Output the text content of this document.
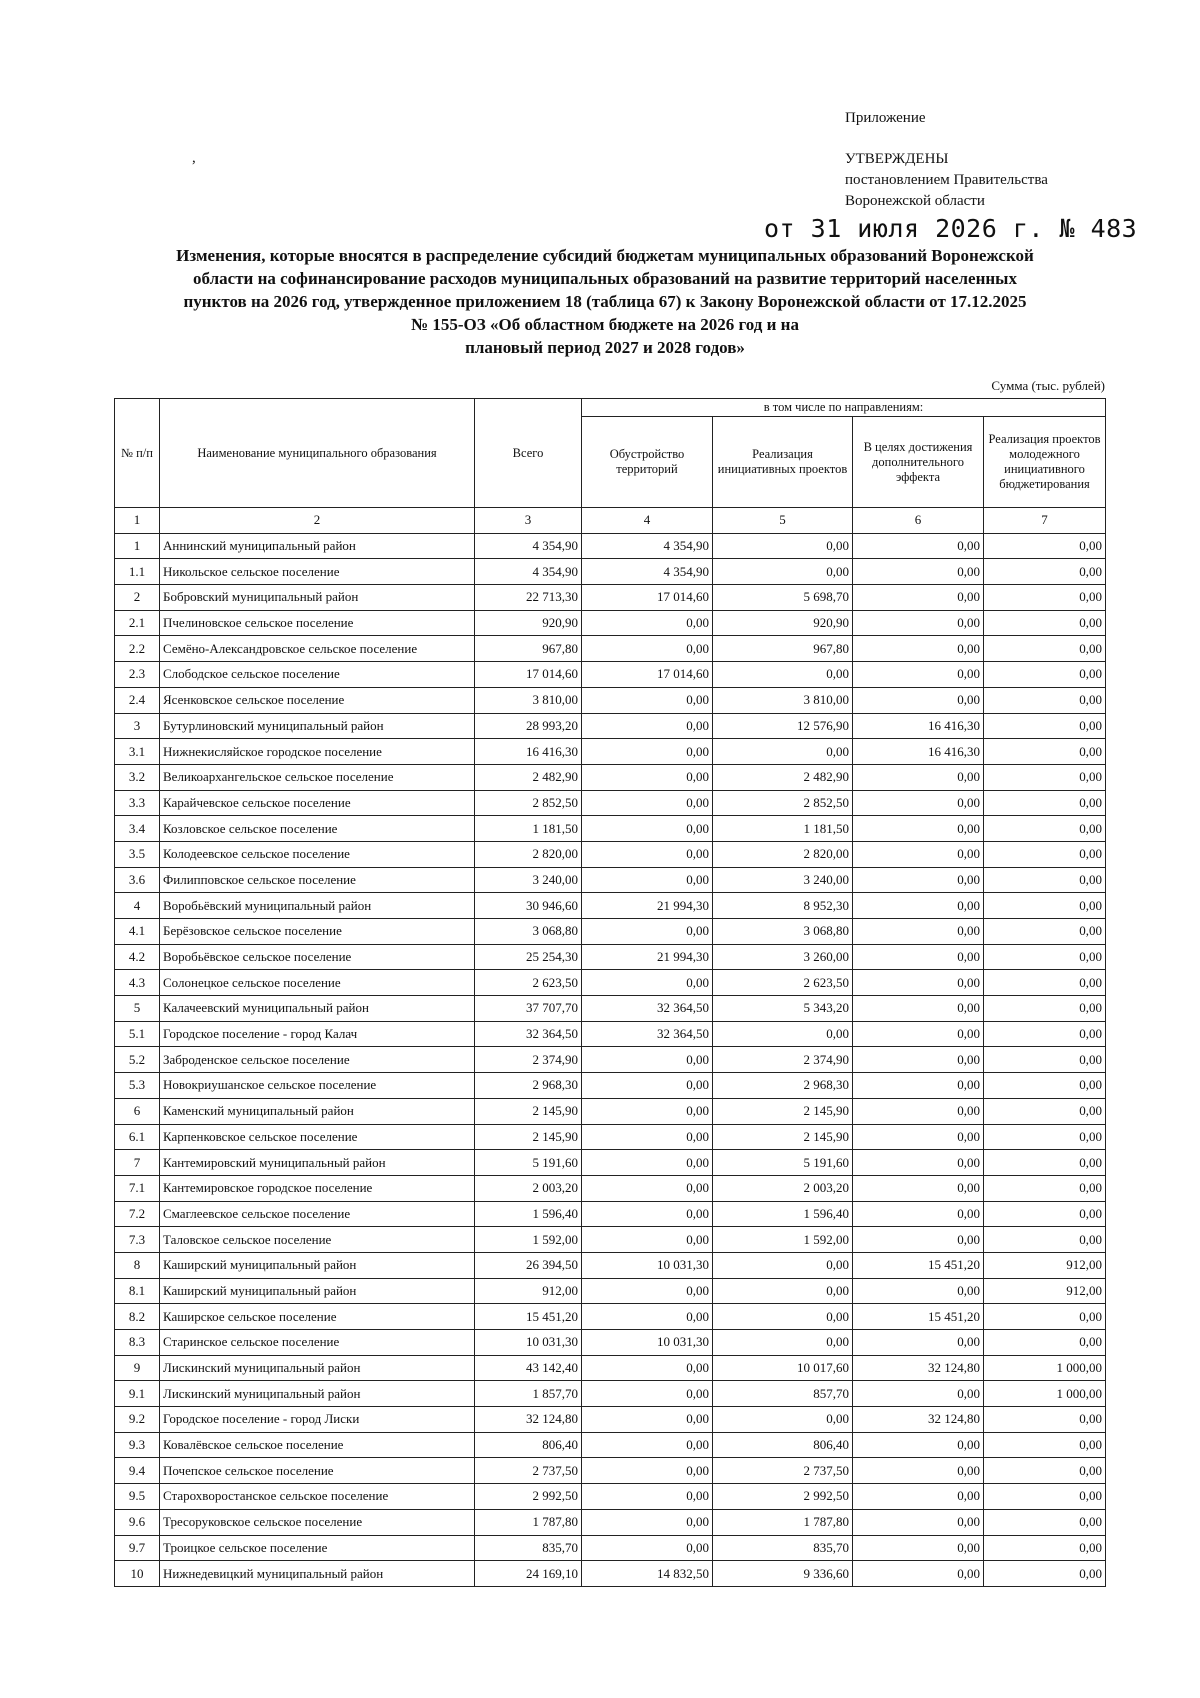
Приложение
УТВЕРЖДЕНЫ
постановлением Правительства
Воронежской области
,
от 31 июля 2026 г. № 483
Изменения, которые вносятся в распределение субсидий бюджетам муниципальных образований Воронежской
области на софинансирование расходов муниципальных образований на развитие территорий населенных
пунктов на 2026 год, утвержденное приложением 18 (таблица 67) к Закону Воронежской области от 17.12.2025
№ 155-ОЗ «Об областном бюджете на 2026 год и на
плановый период 2027 и 2028 годов»
Сумма (тыс. рублей)
№ п/п	Наименование муниципального образования	Всего	в том числе по направлениям:			
			Обустройство территорий	Реализация инициативных проектов	В целях достижения дополнительного эффекта	Реализация проектов молодежного инициативного бюджетирования
1	2	3	4	5	6	7
1	Аннинский муниципальный район	4 354,90	4 354,90	0,00	0,00	0,00
1.1	Никольское сельское поселение	4 354,90	4 354,90	0,00	0,00	0,00
2	Бобровский муниципальный район	22 713,30	17 014,60	5 698,70	0,00	0,00
2.1	Пчелиновское сельское поселение	920,90	0,00	920,90	0,00	0,00
2.2	Семёно-Александровское сельское поселение	967,80	0,00	967,80	0,00	0,00
2.3	Слободское сельское поселение	17 014,60	17 014,60	0,00	0,00	0,00
2.4	Ясенковское сельское поселение	3 810,00	0,00	3 810,00	0,00	0,00
3	Бутурлиновский муниципальный район	28 993,20	0,00	12 576,90	16 416,30	0,00
3.1	Нижнекисляйское городское поселение	16 416,30	0,00	0,00	16 416,30	0,00
3.2	Великоархангельское сельское поселение	2 482,90	0,00	2 482,90	0,00	0,00
3.3	Карайчевское сельское поселение	2 852,50	0,00	2 852,50	0,00	0,00
3.4	Козловское сельское поселение	1 181,50	0,00	1 181,50	0,00	0,00
3.5	Колодеевское сельское поселение	2 820,00	0,00	2 820,00	0,00	0,00
3.6	Филипповское сельское поселение	3 240,00	0,00	3 240,00	0,00	0,00
4	Воробьёвский муниципальный район	30 946,60	21 994,30	8 952,30	0,00	0,00
4.1	Берёзовское сельское поселение	3 068,80	0,00	3 068,80	0,00	0,00
4.2	Воробьёвское сельское поселение	25 254,30	21 994,30	3 260,00	0,00	0,00
4.3	Солонецкое сельское поселение	2 623,50	0,00	2 623,50	0,00	0,00
5	Калачеевский муниципальный район	37 707,70	32 364,50	5 343,20	0,00	0,00
5.1	Городское поселение - город Калач	32 364,50	32 364,50	0,00	0,00	0,00
5.2	Заброденское сельское поселение	2 374,90	0,00	2 374,90	0,00	0,00
5.3	Новокриушанское сельское поселение	2 968,30	0,00	2 968,30	0,00	0,00
6	Каменский муниципальный район	2 145,90	0,00	2 145,90	0,00	0,00
6.1	Карпенковское сельское поселение	2 145,90	0,00	2 145,90	0,00	0,00
7	Кантемировский муниципальный район	5 191,60	0,00	5 191,60	0,00	0,00
7.1	Кантемировское городское поселение	2 003,20	0,00	2 003,20	0,00	0,00
7.2	Смаглеевское сельское поселение	1 596,40	0,00	1 596,40	0,00	0,00
7.3	Таловское сельское поселение	1 592,00	0,00	1 592,00	0,00	0,00
8	Каширский муниципальный район	26 394,50	10 031,30	0,00	15 451,20	912,00
8.1	Каширский муниципальный район	912,00	0,00	0,00	0,00	912,00
8.2	Каширское сельское поселение	15 451,20	0,00	0,00	15 451,20	0,00
8.3	Старинское сельское поселение	10 031,30	10 031,30	0,00	0,00	0,00
9	Лискинский муниципальный район	43 142,40	0,00	10 017,60	32 124,80	1 000,00
9.1	Лискинский муниципальный район	1 857,70	0,00	857,70	0,00	1 000,00
9.2	Городское поселение - город Лиски	32 124,80	0,00	0,00	32 124,80	0,00
9.3	Ковалёвское сельское поселение	806,40	0,00	806,40	0,00	0,00
9.4	Почепское сельское поселение	2 737,50	0,00	2 737,50	0,00	0,00
9.5	Старохворостанское сельское поселение	2 992,50	0,00	2 992,50	0,00	0,00
9.6	Тресоруковское сельское поселение	1 787,80	0,00	1 787,80	0,00	0,00
9.7	Троицкое сельское поселение	835,70	0,00	835,70	0,00	0,00
10	Нижнедевицкий муниципальный район	24 169,10	14 832,50	9 336,60	0,00	0,00
